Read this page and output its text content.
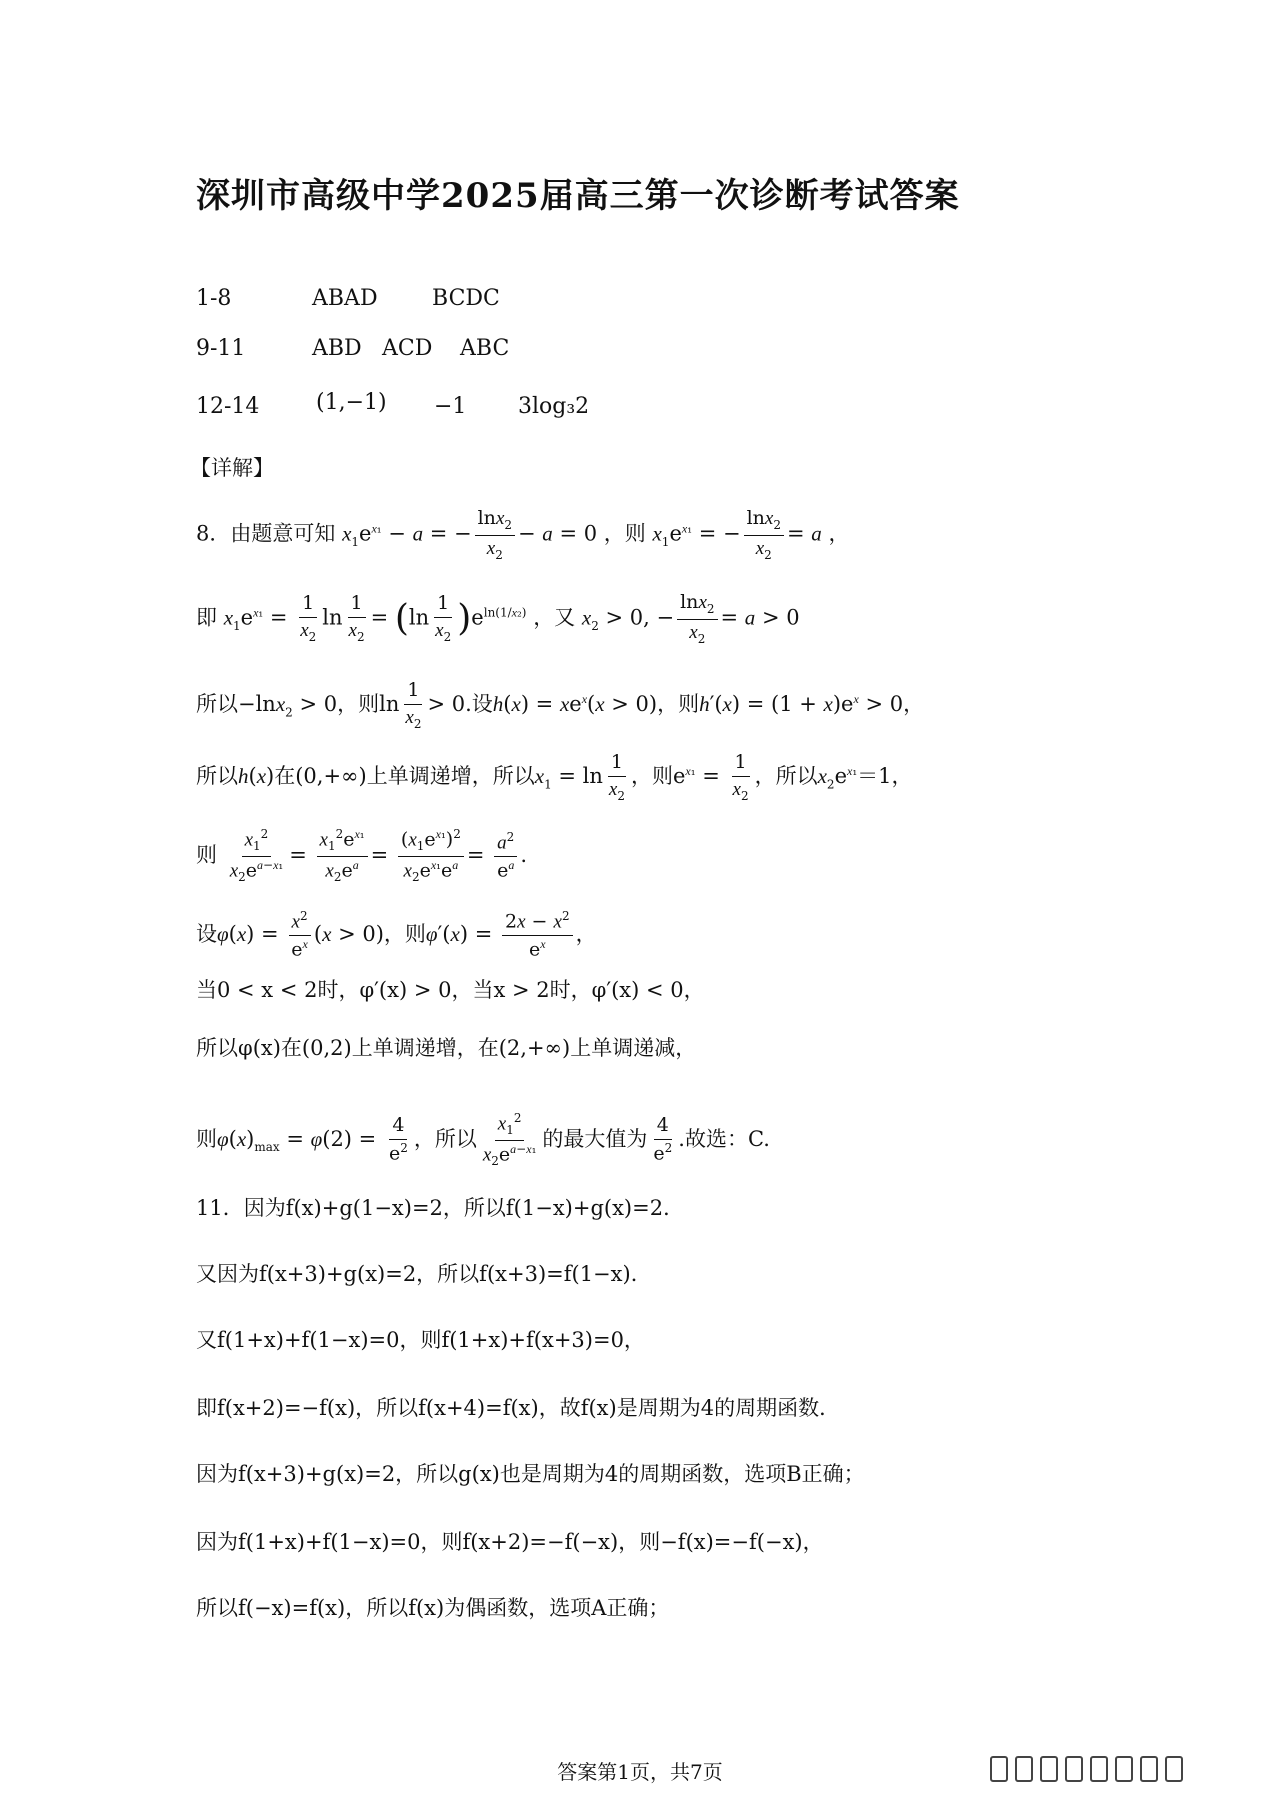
深圳市高级中学2025届高三第一次诊断考试答案
1-8	ABAD BCDC
9-11	ABD ACD ABC
12-14	(1,−1) −1 3log₃2
【详解】
8．由题意可知 $x_1e^{x_1} - a$ = − $\frac{\ln x_2}{x_2} - a = 0$ ，则 $x_1e^{x_1}$ = − $\frac{\ln x_2}{x_2} = a$ ，
即 $x_1e^{x_1} = \frac{1}{x_2}$ $\ln \frac{1}{x_2} = (\ln \frac{1}{x_2} )e^{ln(1/x_2)}$ ，又 $x_2 > 0$, − $\frac{\ln x_2}{x_2} = a > 0$
所以−lnx$_2$ > 0，则$\ln \frac{1}{x_2} > 0$.设$h(x) = xe^x(x > 0)$，则$h'(x) = (1 + x)e^x > 0$，
所以h(x)在(0,+∞)上单调递增，所以$x_1 = \ln \frac{1}{x_2}$ ，则$e^{x_1} = \frac{1}{x_2}$ ，所以$x_2e^{x_1}=1$，
则 $\frac{x_1^2}{x_2e^{a-x_1}} = \frac{x_1^2e^{x_1}}{x_2e^a} = \frac{(x_1e^{x_1})^2}{x_2e^{x_1}e^a} = \frac{a^2}{e^a}$ .
设$\varphi(x) = \frac{x^2}{e^x} (x > 0)$，则$\varphi'(x) = \frac{2x - x^2}{e^x}$ ，
当0 < x < 2时，φ′(x) > 0，当x > 2时，φ′(x) < 0，
所以φ(x)在(0,2)上单调递增，在(2,+∞)上单调递减，
则$\varphi(x)_{max} = \varphi(2) = \frac{4}{e^2}$ ，所以 $\frac{x_1^2}{x_2e^{a-x_1}}$ 的最大值为 $\frac{4}{e^2}$ .故选：C.
11．因为f(x)+g(1−x)=2，所以f(1−x)+g(x)=2．
又因为f(x+3)+g(x)=2，所以f(x+3)=f(1−x)．
又f(1+x)+f(1−x)=0，则f(1+x)+f(x+3)=0，
即f(x+2)=−f(x)，所以f(x+4)=f(x)，故f(x)是周期为4的周期函数．
因为f(x+3)+g(x)=2，所以g(x)也是周期为4的周期函数，选项B正确；
因为f(1+x)+f(1−x)=0，则f(x+2)=−f(−x)，则−f(x)=−f(−x)，
所以f(−x)=f(x)，所以f(x)为偶函数，选项A正确；
答案第1页，共7页
